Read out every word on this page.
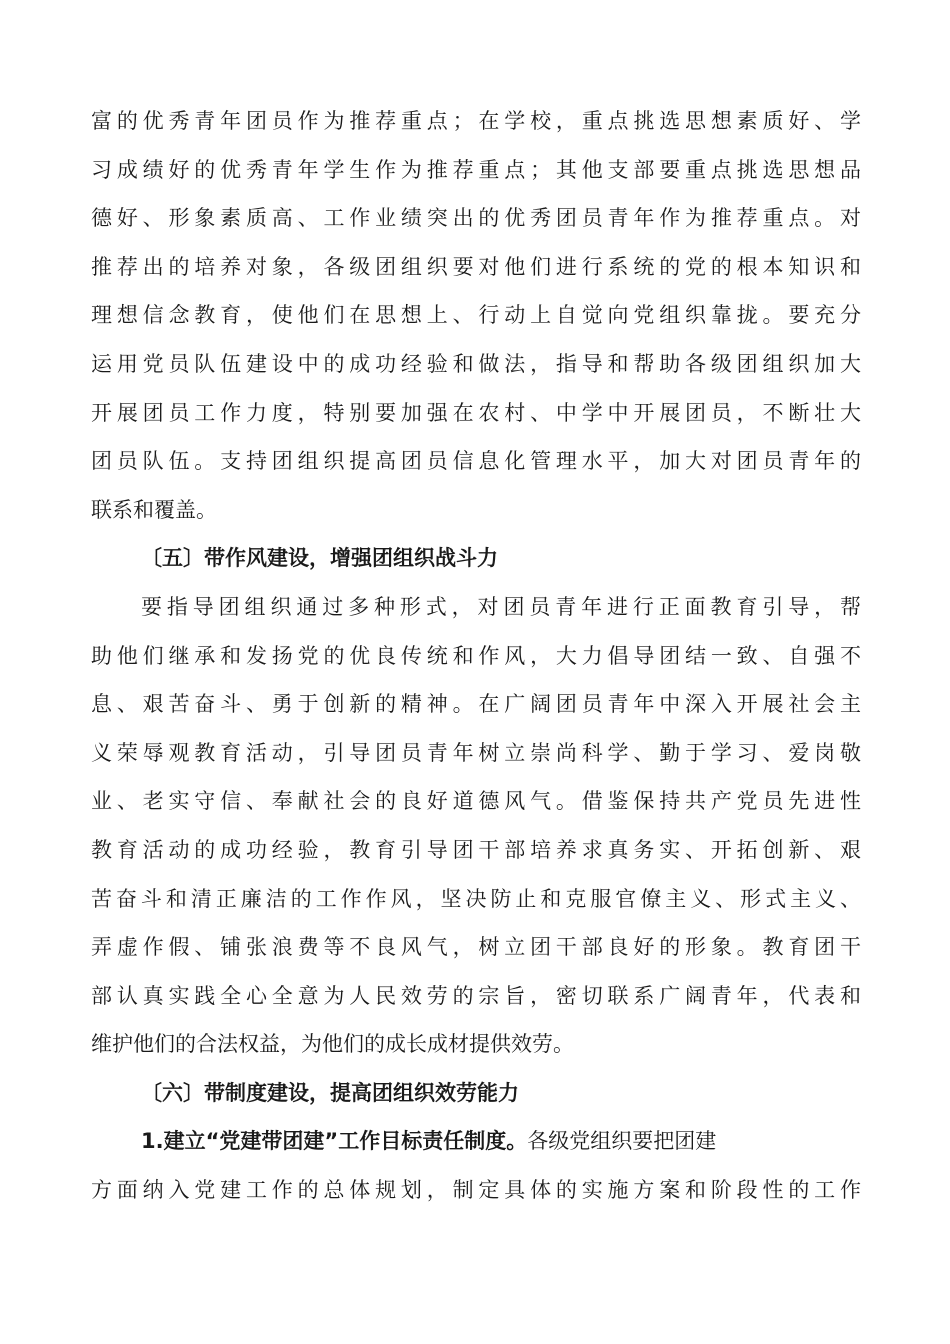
富的优秀青年团员作为推荐重点；在学校，重点挑选思想素质好、学
习成绩好的优秀青年学生作为推荐重点；其他支部要重点挑选思想品
德好、形象素质高、工作业绩突出的优秀团员青年作为推荐重点。对
推荐出的培养对象，各级团组织要对他们进行系统的党的根本知识和
理想信念教育，使他们在思想上、行动上自觉向党组织靠拢。要充分
运用党员队伍建设中的成功经验和做法，指导和帮助各级团组织加大
开展团员工作力度，特别要加强在农村、中学中开展团员，不断壮大
团员队伍。支持团组织提高团员信息化管理水平，加大对团员青年的
联系和覆盖。
〔五〕带作风建设，增强团组织战斗力
要指导团组织通过多种形式，对团员青年进行正面教育引导，帮
助他们继承和发扬党的优良传统和作风，大力倡导团结一致、自强不
息、艰苦奋斗、勇于创新的精神。在广阔团员青年中深入开展社会主
义荣辱观教育活动，引导团员青年树立崇尚科学、勤于学习、爱岗敬
业、老实守信、奉献社会的良好道德风气。借鉴保持共产党员先进性
教育活动的成功经验，教育引导团干部培养求真务实、开拓创新、艰
苦奋斗和清正廉洁的工作作风，坚决防止和克服官僚主义、形式主义、
弄虚作假、铺张浪费等不良风气，树立团干部良好的形象。教育团干
部认真实践全心全意为人民效劳的宗旨，密切联系广阔青年，代表和
维护他们的合法权益，为他们的成长成材提供效劳。
〔六〕带制度建设，提高团组织效劳能力
1.建立“党建带团建”工作目标责任制度。各级党组织要把团建
方面纳入党建工作的总体规划，制定具体的实施方案和阶段性的工作
